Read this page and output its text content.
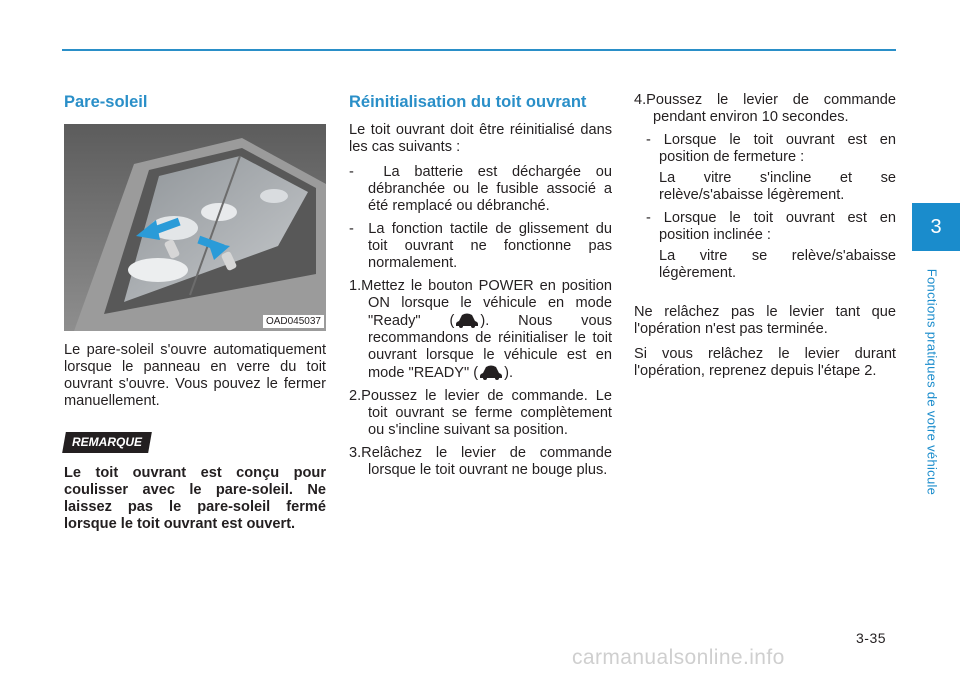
3
Fonctions pratiques de votre véhicule
Pare-soleil
OAD045037

Le pare-soleil s'ouvre automatiquement lorsque le panneau en verre du toit ouvrant s'ouvre. Vous pouvez le fermer manuellement.

REMARQUE

Le toit ouvrant est conçu pour coulisser avec le pare-soleil. Ne laissez pas le pare-soleil fermé lorsque le toit ouvrant est ouvert.

Réinitialisation du toit ouvrant

Le toit ouvrant doit être réinitialisé dans les cas suivants :

- La batterie est déchargée ou débranchée ou le fusible associé a été remplacé ou débranché.

- La fonction tactile de glissement du toit ouvrant ne fonctionne pas normalement.

1.Mettez le bouton POWER en position ON lorsque le véhicule en mode "Ready" ( ). Nous vous recommandons de réinitialiser le toit ouvrant lorsque le véhicule est en mode "READY" ( ).

2.Poussez le levier de commande. Le toit ouvrant se ferme complètement ou s'incline suivant sa position.

3.Relâchez le levier de commande lorsque le toit ouvrant ne bouge plus.

4.Poussez le levier de commande pendant environ 10 secondes.

- Lorsque le toit ouvrant est en position de fermeture :

La vitre s'incline et se relève/s'abaisse légèrement.

- Lorsque le toit ouvrant est en position inclinée :

La vitre se relève/s'abaisse légèrement.

Ne relâchez pas le levier tant que l'opération n'est pas terminée.

Si vous relâchez le levier durant l'opération, reprenez depuis l'étape 2.

3-35
carmanualsonline.info
